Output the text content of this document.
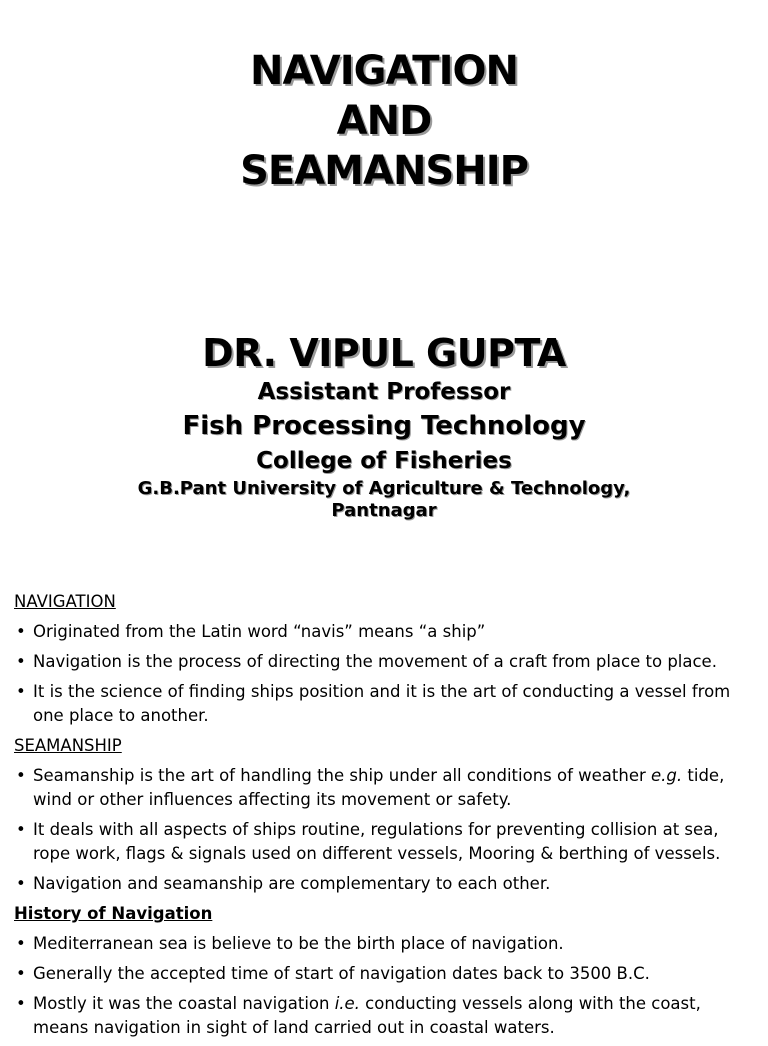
NAVIGATION
AND
SEAMANSHIP
DR. VIPUL GUPTA
Assistant Professor
Fish Processing Technology
College of Fisheries
G.B.Pant University of Agriculture & Technology,
Pantnagar
NAVIGATION
• Originated from the Latin word “navis” means “a ship”
• Navigation is the process of directing the movement of a craft from place to place.
• It is the science of finding ships position and it is the art of conducting a vessel from one place to another.
SEAMANSHIP
• Seamanship is the art of handling the ship under all conditions of weather e.g. tide, wind or other influences affecting its movement or safety.
• It deals with all aspects of ships routine, regulations for preventing collision at sea, rope work, flags & signals used on different vessels, Mooring & berthing of vessels.
• Navigation and seamanship are complementary to each other.
History of Navigation
• Mediterranean sea is believe to be the birth place of navigation.
• Generally the accepted time of start of navigation dates back to 3500 B.C.
• Mostly it was the coastal navigation i.e. conducting vessels along with the coast, means navigation in sight of land carried out in coastal waters.
